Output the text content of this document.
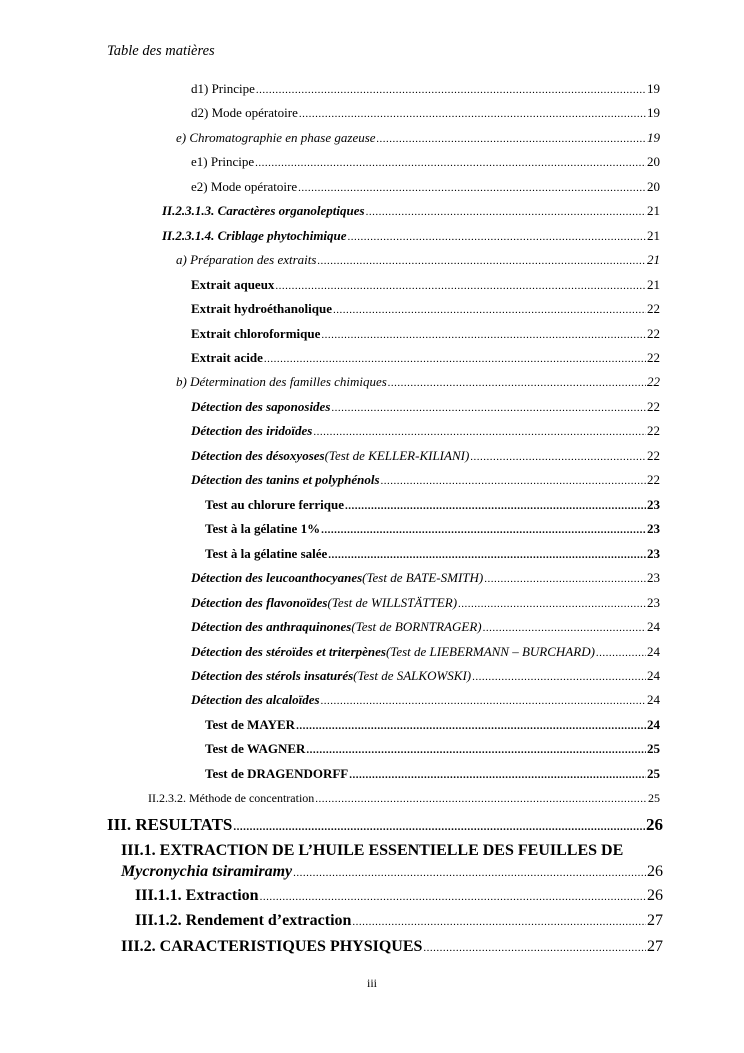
Table des matières
d1) Principe .....	19
d2) Mode opératoire .....	19
e) Chromatographie en phase gazeuse .....	19
e1) Principe .....	20
e2) Mode opératoire .....	20
II.2.3.1.3. Caractères organoleptiques .....	21
II.2.3.1.4. Criblage phytochimique .....	21
a) Préparation des extraits .....	21
Extrait aqueux .....	21
Extrait hydroéthanolique .....	22
Extrait chloroformique .....	22
Extrait acide .....	22
b) Détermination des familles chimiques .....	22
Détection des saponosides .....	22
Détection des iridoïdes .....	22
Détection des désoxyoses (Test de KELLER-KILIANI) .....	22
Détection des tanins et polyphénols .....	22
Test au chlorure ferrique .....	23
Test à la gélatine 1% .....	23
Test à la gélatine salée .....	23
Détection des leucoanthocyanes (Test de BATE-SMITH) .....	23
Détection des flavonoïdes (Test de WILLSTÄTTER) .....	23
Détection des anthraquinones (Test de BORNTRAGER) .....	24
Détection des stéroïdes et triterpènes (Test de LIEBERMANN – BURCHARD) .....	24
Détection des stérols insaturés (Test de SALKOWSKI) .....	24
Détection des alcaloïdes .....	24
Test de MAYER .....	24
Test de WAGNER .....	25
Test de DRAGENDORFF .....	25
II.2.3.2. Méthode de concentration .....	25
III. RESULTATS .....	26
III.1. EXTRACTION DE L’HUILE ESSENTIELLE DES FEUILLES DE
Mycronychia tsiramiramy .....	26
III.1.1. Extraction .....	26
III.1.2. Rendement d’extraction .....	27
III.2. CARACTERISTIQUES PHYSIQUES .....	27
iii
